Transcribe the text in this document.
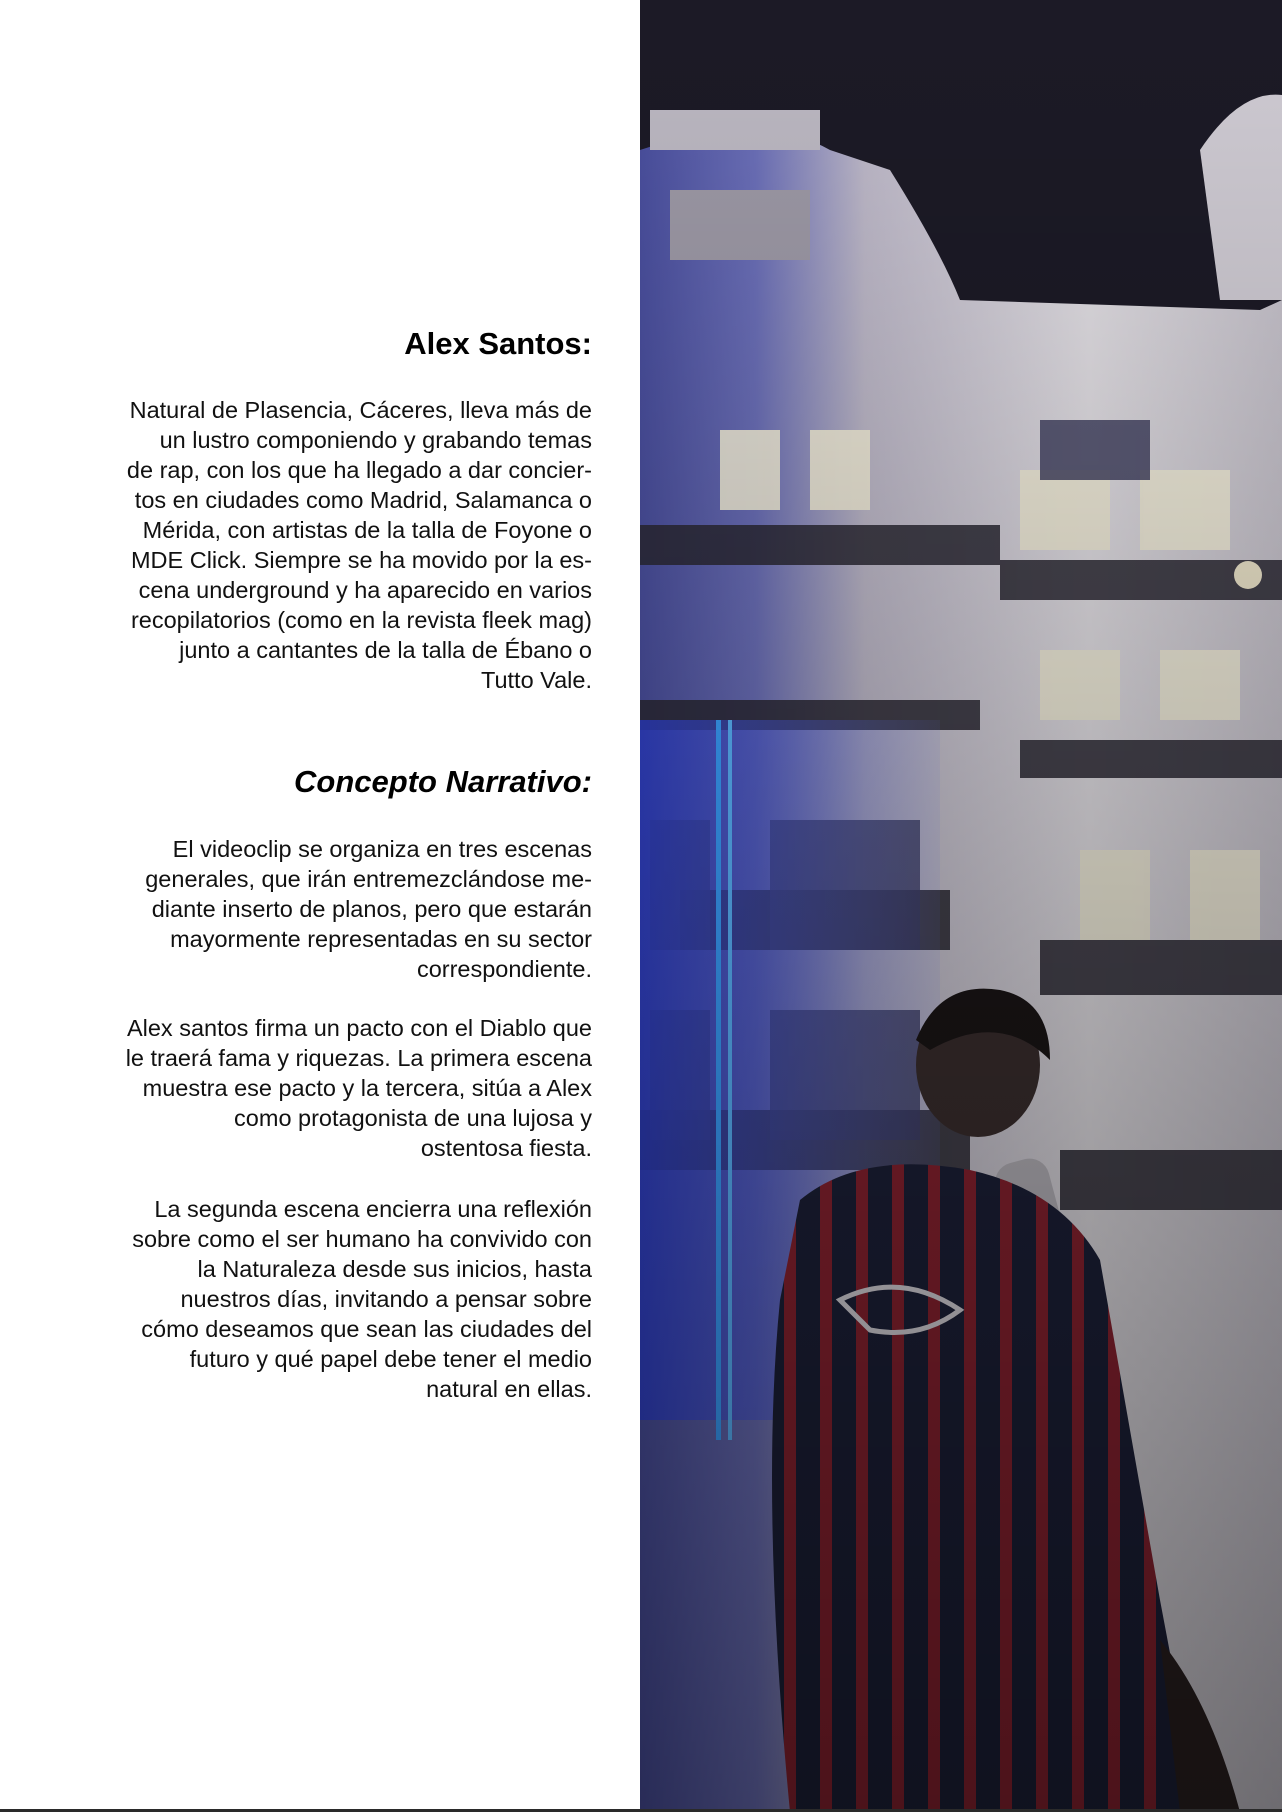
Alex Santos:

Natural de Plasencia, Cáceres, lleva más de
un lustro componiendo y grabando temas
de rap, con los que ha llegado a dar concier-
tos en ciudades como Madrid, Salamanca o
Mérida, con artistas de la talla de Foyone o
MDE Click. Siempre se ha movido por la es-
cena underground y ha aparecido en varios
recopilatorios (como en la revista fleek mag)
junto a cantantes de la talla de Ébano o
Tutto Vale.

Concepto Narrativo:

El videoclip se organiza en tres escenas
generales, que irán entremezclándose me-
diante inserto de planos, pero que estarán
mayormente representadas en su sector
correspondiente.

Alex santos firma un pacto con el Diablo que
le traerá fama y riquezas. La primera escena
muestra ese pacto y la tercera, sitúa a Alex
como protagonista de una lujosa y
ostentosa fiesta.

La segunda escena encierra una reflexión
sobre como el ser humano ha convivido con
la Naturaleza desde sus inicios, hasta
nuestros días, invitando a pensar sobre
cómo deseamos que sean las ciudades del
futuro y qué papel debe tener el medio
natural en ellas.
